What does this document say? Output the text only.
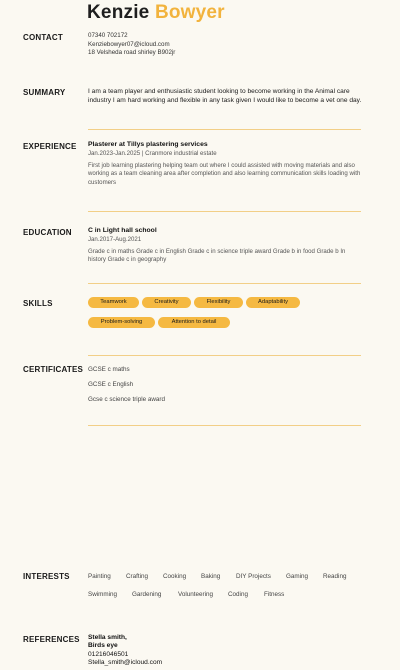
Kenzie Bowyer
CONTACT	07340 702172
Kenziebowyer07@icloud.com
18 Velsheda road shirley B902jr
SUMMARY	I am a team player and enthusiastic student looking to become working in the Animal care industry I am hard working and flexible in any task given I would like to become a vet one day.
EXPERIENCE Plasterer at Tillys plastering services
Jan.2023-Jan.2025 | Cranmore industrial estate
First job learning plastering helping team out where I could assisted with moving materials and also working as a team cleaning area after completion and also learning communication skills loading with customers
EDUCATION C in Light hall school
Jan.2017-Aug.2021
Grade c in maths Grade c in English Grade c in science triple award Grade b in food Grade b In history Grade c in geography
SKILLS	Teamwork	Creativity	Flexibility	Adaptability
Problem-solving	Attention to detail
CERTIFICATES GCSE c maths
GCSE c English
Gcse c science triple award
INTERESTS	Painting Crafting Cooking Baking DIY Projects Gaming Reading
Swimming Gardening	Volunteering Coding	Fitness
REFERENCES Stella smith,
Birds eye
01216046501
Stella_smith@icloud.com
